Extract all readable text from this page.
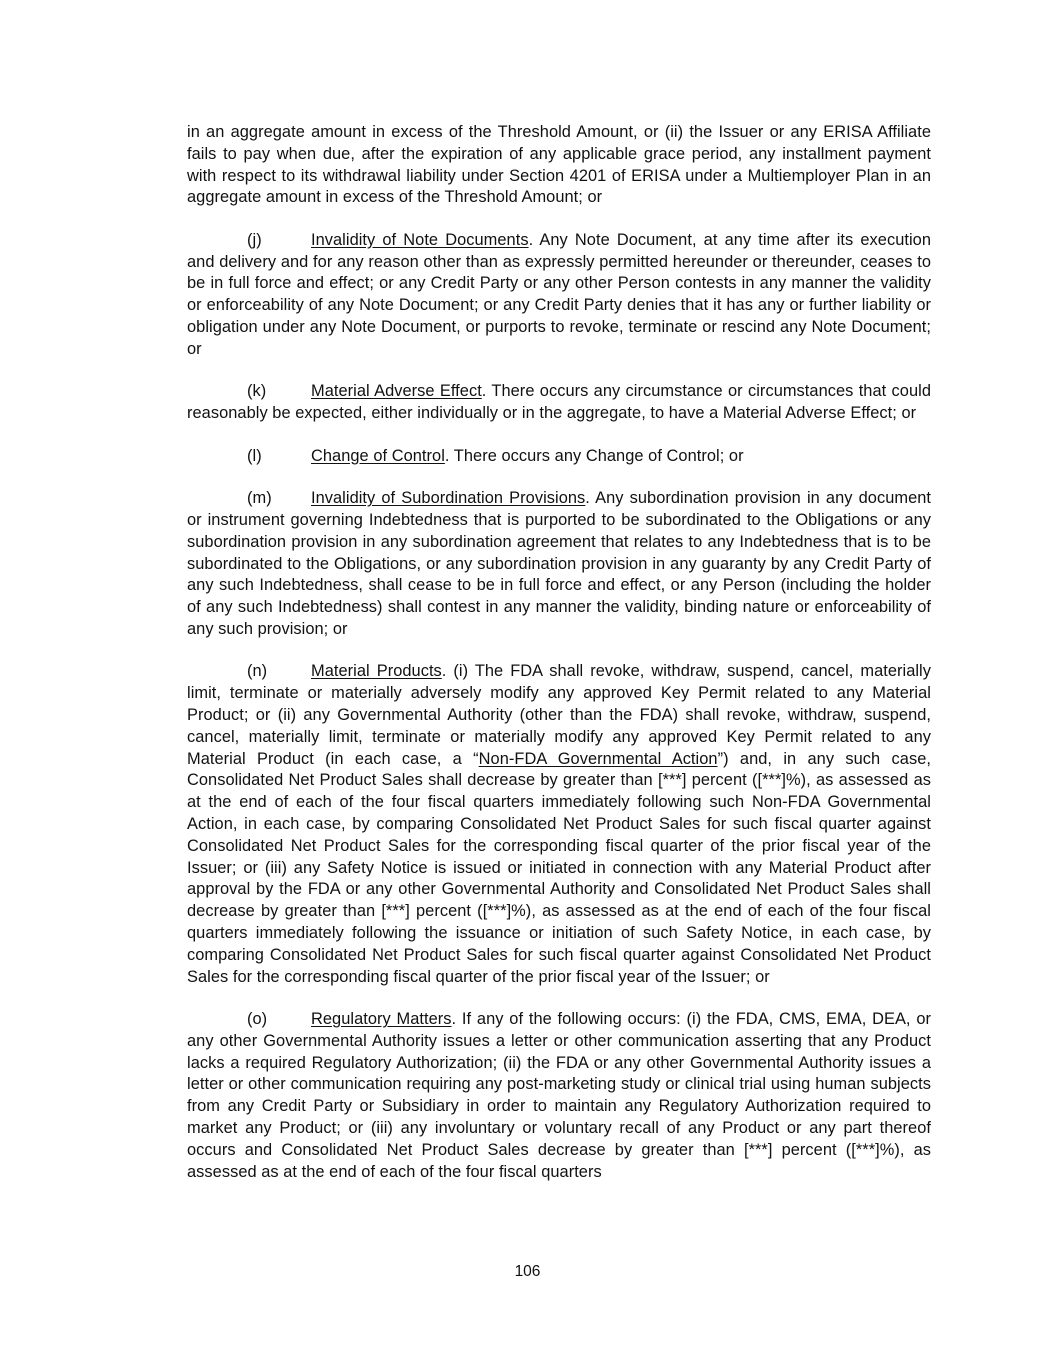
in an aggregate amount in excess of the Threshold Amount, or (ii) the Issuer or any ERISA Affiliate fails to pay when due, after the expiration of any applicable grace period, any installment payment with respect to its withdrawal liability under Section 4201 of ERISA under a Multiemployer Plan in an aggregate amount in excess of the Threshold Amount; or

(j)	Invalidity of Note Documents. Any Note Document, at any time after its execution and delivery and for any reason other than as expressly permitted hereunder or thereunder, ceases to be in full force and effect; or any Credit Party or any other Person contests in any manner the validity or enforceability of any Note Document; or any Credit Party denies that it has any or further liability or obligation under any Note Document, or purports to revoke, terminate or rescind any Note Document; or

(k)	Material Adverse Effect. There occurs any circumstance or circumstances that could reasonably be expected, either individually or in the aggregate, to have a Material Adverse Effect; or

(l)	Change of Control. There occurs any Change of Control; or

(m) Invalidity of Subordination Provisions. Any subordination provision in any document or instrument governing Indebtedness that is purported to be subordinated to the Obligations or any subordination provision in any subordination agreement that relates to any Indebtedness that is to be subordinated to the Obligations, or any subordination provision in any guaranty by any Credit Party of any such Indebtedness, shall cease to be in full force and effect, or any Person (including the holder of any such Indebtedness) shall contest in any manner the validity, binding nature or enforceability of any such provision; or

(n)	Material Products. (i) The FDA shall revoke, withdraw, suspend, cancel, materially limit, terminate or materially adversely modify any approved Key Permit related to any Material Product; or (ii) any Governmental Authority (other than the FDA) shall revoke, withdraw, suspend, cancel, materially limit, terminate or materially modify any approved Key Permit related to any Material Product (in each case, a “Non-FDA Governmental Action”) and, in any such case, Consolidated Net Product Sales shall decrease by greater than [***] percent ([***]%), as assessed as at the end of each of the four fiscal quarters immediately following such Non-FDA Governmental Action, in each case, by comparing Consolidated Net Product Sales for such fiscal quarter against Consolidated Net Product Sales for the corresponding fiscal quarter of the prior fiscal year of the Issuer; or (iii) any Safety Notice is issued or initiated in connection with any Material Product after approval by the FDA or any other Governmental Authority and Consolidated Net Product Sales shall decrease by greater than [***] percent ([***]%), as assessed as at the end of each of the four fiscal quarters immediately following the issuance or initiation of such Safety Notice, in each case, by comparing Consolidated Net Product Sales for such fiscal quarter against Consolidated Net Product Sales for the corresponding fiscal quarter of the prior fiscal year of the Issuer; or

(o)	Regulatory Matters. If any of the following occurs: (i) the FDA, CMS, EMA, DEA, or any other Governmental Authority issues a letter or other communication asserting that any Product lacks a required Regulatory Authorization; (ii) the FDA or any other Governmental Authority issues a letter or other communication requiring any post-marketing study or clinical trial using human subjects from any Credit Party or Subsidiary in order to maintain any Regulatory Authorization required to market any Product; or (iii) any involuntary or voluntary recall of any Product or any part thereof occurs and Consolidated Net Product Sales decrease by greater than [***] percent ([***]%), as assessed as at the end of each of the four fiscal quarters

106
